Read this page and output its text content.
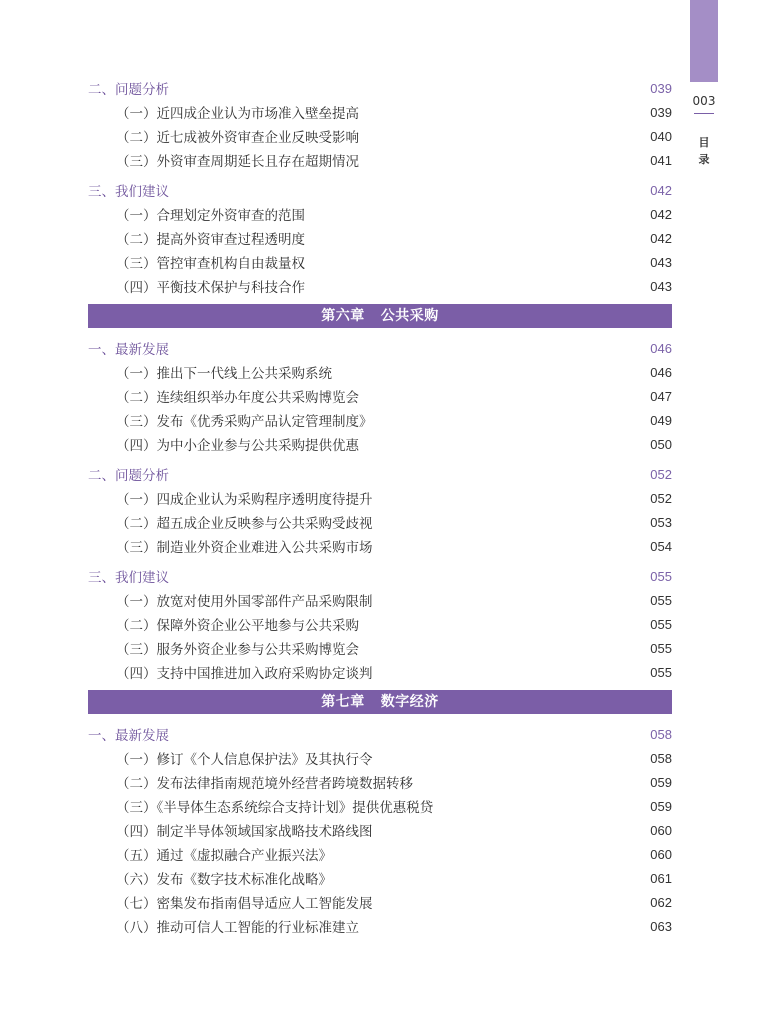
003
目
录
二、问题分析	039
（一）近四成企业认为市场准入壁垒提高	039
（二）近七成被外资审查企业反映受影响	040
（三）外资审查周期延长且存在超期情况	041
三、我们建议	042
（一）合理划定外资审查的范围	042
（二）提高外资审查过程透明度	042
（三）管控审查机构自由裁量权	043
（四）平衡技术保护与科技合作	043
第六章 公共采购
一、最新发展	046
（一）推出下一代线上公共采购系统	046
（二）连续组织举办年度公共采购博览会	047
（三）发布《优秀采购产品认定管理制度》	049
（四）为中小企业参与公共采购提供优惠	050
二、问题分析	052
（一）四成企业认为采购程序透明度待提升	052
（二）超五成企业反映参与公共采购受歧视	053
（三）制造业外资企业难进入公共采购市场	054
三、我们建议	055
（一）放宽对使用外国零部件产品采购限制	055
（二）保障外资企业公平地参与公共采购	055
（三）服务外资企业参与公共采购博览会	055
（四）支持中国推进加入政府采购协定谈判	055
第七章 数字经济
一、最新发展	058
（一）修订《个人信息保护法》及其执行令	058
（二）发布法律指南规范境外经营者跨境数据转移	059
（三）《半导体生态系统综合支持计划》提供优惠税贷	059
（四）制定半导体领域国家战略技术路线图	060
（五）通过《虚拟融合产业振兴法》	060
（六）发布《数字技术标准化战略》	061
（七）密集发布指南倡导适应人工智能发展	062
（八）推动可信人工智能的行业标准建立	063
